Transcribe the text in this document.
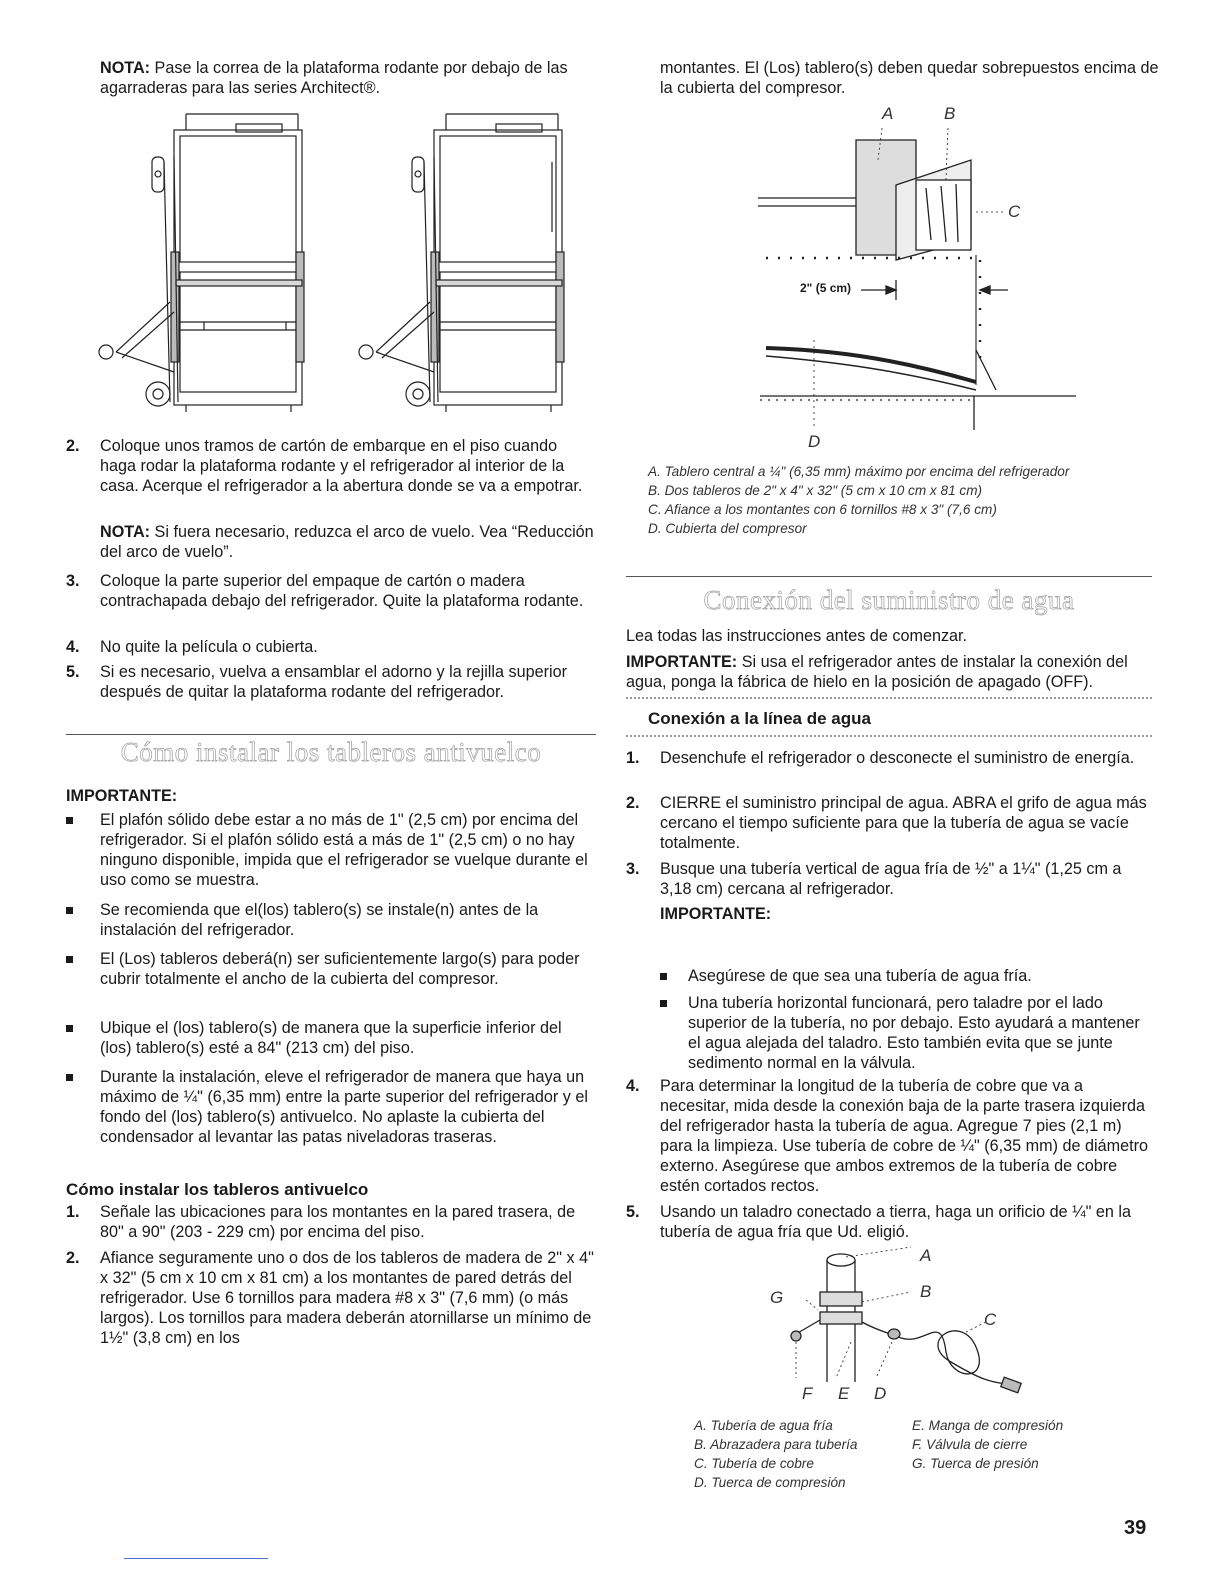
NOTA: Pase la correa de la plataforma rodante por debajo de las agarraderas para las series Architect®.

2. Coloque unos tramos de cartón de embarque en el piso cuando haga rodar la plataforma rodante y el refrigerador al interior de la casa. Acerque el refrigerador a la abertura donde se va a empotrar.

NOTA: Si fuera necesario, reduzca el arco de vuelo. Vea “Reducción del arco de vuelo”.

3. Coloque la parte superior del empaque de cartón o madera contrachapada debajo del refrigerador. Quite la plataforma rodante.

4. No quite la película o cubierta.

5. Si es necesario, vuelva a ensamblar el adorno y la rejilla superior después de quitar la plataforma rodante del refrigerador.

Cómo instalar los tableros antivuelco

IMPORTANTE:

El plafón sólido debe estar a no más de 1" (2,5 cm) por encima del refrigerador. Si el plafón sólido está a más de 1" (2,5 cm) o no hay ninguno disponible, impida que el refrigerador se vuelque durante el uso como se muestra.

Se recomienda que el(los) tablero(s) se instale(n) antes de la instalación del refrigerador.

El (Los) tableros deberá(n) ser suficientemente largo(s) para poder cubrir totalmente el ancho de la cubierta del compresor.

Ubique el (los) tablero(s) de manera que la superficie inferior del (los) tablero(s) esté a 84" (213 cm) del piso.

Durante la instalación, eleve el refrigerador de manera que haya un máximo de ¼" (6,35 mm) entre la parte superior del refrigerador y el fondo del (los) tablero(s) antivuelco. No aplaste la cubierta del condensador al levantar las patas niveladoras traseras.

Cómo instalar los tableros antivuelco

1. Señale las ubicaciones para los montantes en la pared trasera, de 80" a 90" (203 - 229 cm) por encima del piso.

2. Afiance seguramente uno o dos de los tableros de madera de 2" x 4" x 32" (5 cm x 10 cm x 81 cm) a los montantes de pared detrás del refrigerador. Use 6 tornillos para madera #8 x 3" (7,6 mm) (o más largos). Los tornillos para madera deberán atornillarse un mínimo de 1½" (3,8 cm) en los

montantes. El (Los) tablero(s) deben quedar sobrepuestos encima de la cubierta del compresor.

A	B
C
D
2" (5 cm)

A. Tablero central a ¼" (6,35 mm) máximo por encima del refrigerador

B. Dos tableros de 2" x 4" x 32" (5 cm x 10 cm x 81 cm)

C. Afiance a los montantes con 6 tornillos #8 x 3" (7,6 cm)

D. Cubierta del compresor

Conexión del suministro de agua

Lea todas las instrucciones antes de comenzar.

IMPORTANTE: Si usa el refrigerador antes de instalar la conexión del agua, ponga la fábrica de hielo en la posición de apagado (OFF).

Conexión a la línea de agua

1. Desenchufe el refrigerador o desconecte el suministro de energía.

2. CIERRE el suministro principal de agua. ABRA el grifo de agua más cercano el tiempo suficiente para que la tubería de agua se vacíe totalmente.

3. Busque una tubería vertical de agua fría de ½" a 1¼" (1,25 cm a 3,18 cm) cercana al refrigerador.

IMPORTANTE:

Asegúrese de que sea una tubería de agua fría.

Una tubería horizontal funcionará, pero taladre por el lado superior de la tubería, no por debajo. Esto ayudará a mantener el agua alejada del taladro. Esto también evita que se junte sedimento normal en la válvula.

4. Para determinar la longitud de la tubería de cobre que va a necesitar, mida desde la conexión baja de la parte trasera izquierda del refrigerador hasta la tubería de agua. Agregue 7 pies (2,1 m) para la limpieza. Use tubería de cobre de ¼" (6,35 mm) de diámetro externo. Asegúrese que ambos extremos de la tubería de cobre estén cortados rectos.

5. Usando un taladro conectado a tierra, haga un orificio de ¼" en la tubería de agua fría que Ud. eligió.

A
B
C
G
F E D

A. Tubería de agua fría

B. Abrazadera para tubería

C. Tubería de cobre

D. Tuerca de compresión

E. Manga de compresión

F. Válvula de cierre

G. Tuerca de presión

39
